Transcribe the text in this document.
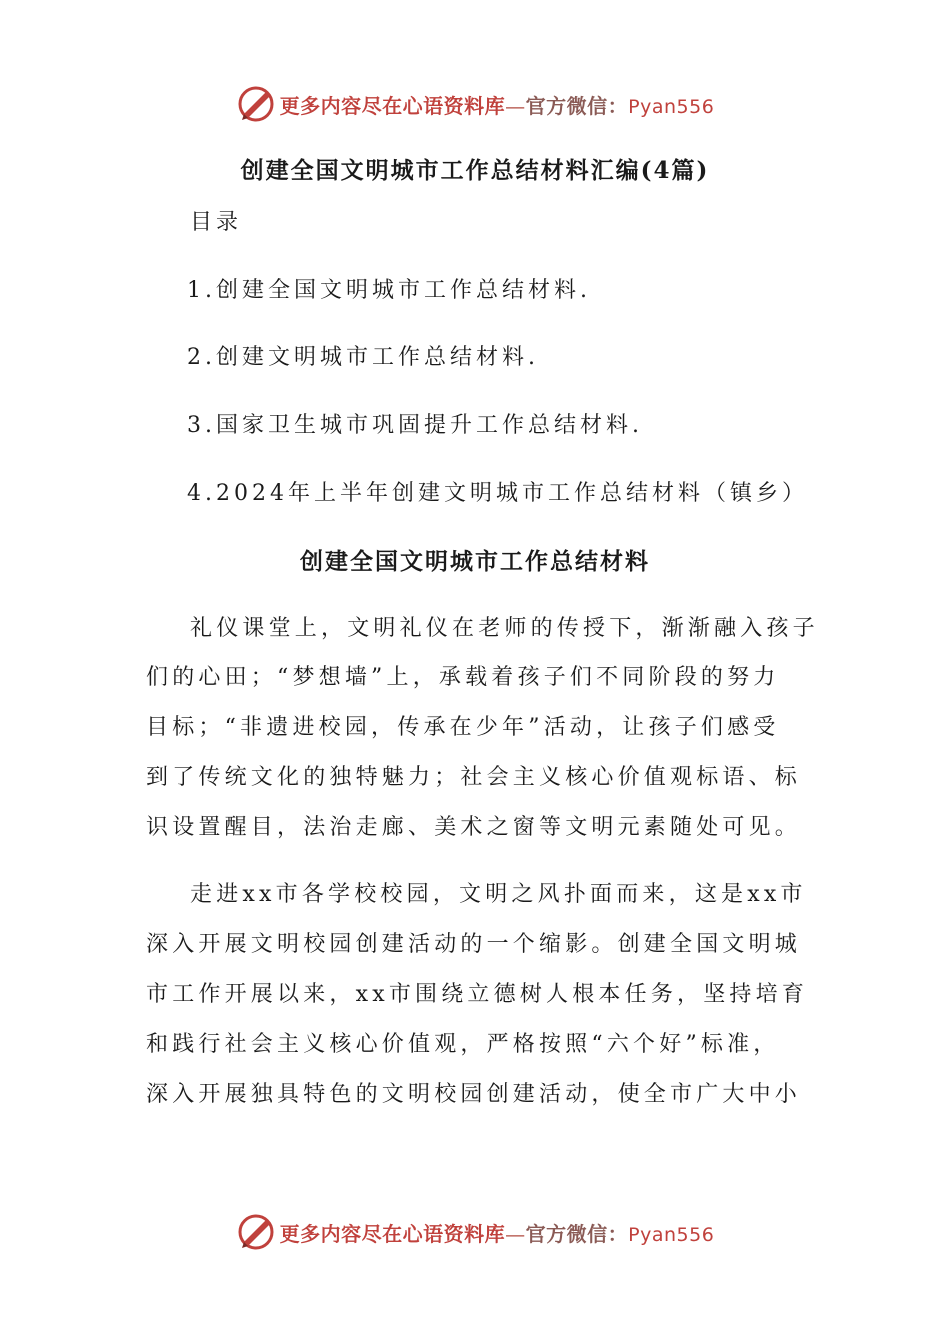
更多内容尽在心语资料库—官方微信：Pyan556
创建全国文明城市工作总结材料汇编(4篇)
目录
1.创建全国文明城市工作总结材料.
2.创建文明城市工作总结材料.
3.国家卫生城市巩固提升工作总结材料.
4.2024年上半年创建文明城市工作总结材料（镇乡）
创建全国文明城市工作总结材料
礼仪课堂上，文明礼仪在老师的传授下，渐渐融入孩子
们的心田；“梦想墙”上，承载着孩子们不同阶段的努力
目标；“非遗进校园，传承在少年”活动，让孩子们感受
到了传统文化的独特魅力；社会主义核心价值观标语、标
识设置醒目，法治走廊、美术之窗等文明元素随处可见。
走进xx市各学校校园，文明之风扑面而来，这是xx市
深入开展文明校园创建活动的一个缩影。创建全国文明城
市工作开展以来，xx市围绕立德树人根本任务，坚持培育
和践行社会主义核心价值观，严格按照“六个好”标准，
深入开展独具特色的文明校园创建活动，使全市广大中小
更多内容尽在心语资料库—官方微信：Pyan556
